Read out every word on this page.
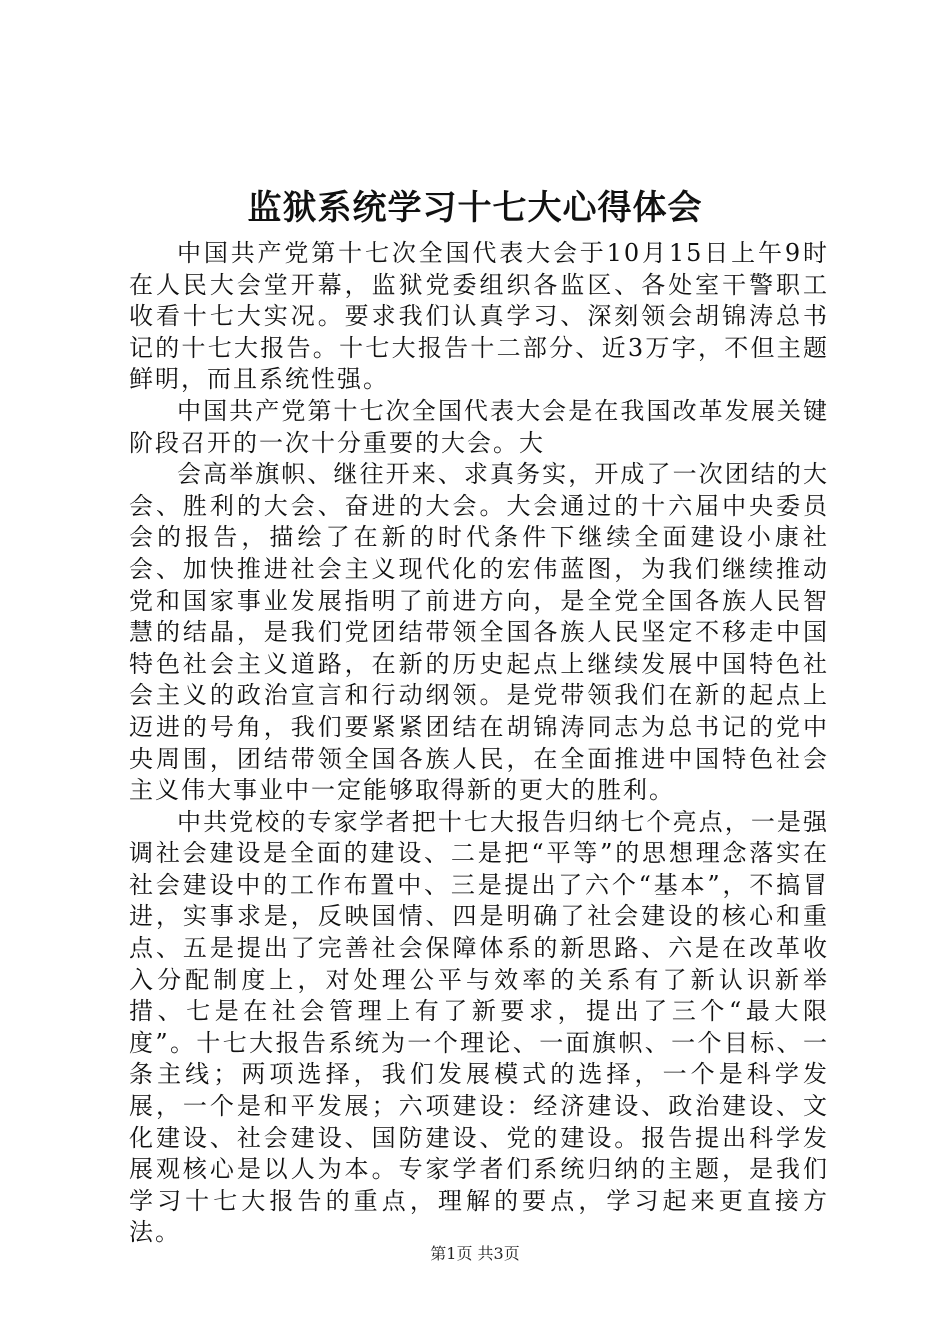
监狱系统学习十七大心得体会

中国共产党第十七次全国代表大会于10月15日上午9时在人民大会堂开幕，监狱党委组织各监区、各处室干警职工收看十七大实况。要求我们认真学习、深刻领会胡锦涛总书记的十七大报告。十七大报告十二部分、近3万字，不但主题鲜明，而且系统性强。

中国共产党第十七次全国代表大会是在我国改革发展关键阶段召开的一次十分重要的大会。大

会高举旗帜、继往开来、求真务实，开成了一次团结的大会、胜利的大会、奋进的大会。大会通过的十六届中央委员会的报告，描绘了在新的时代条件下继续全面建设小康社会、加快推进社会主义现代化的宏伟蓝图，为我们继续推动党和国家事业发展指明了前进方向，是全党全国各族人民智慧的结晶，是我们党团结带领全国各族人民坚定不移走中国特色社会主义道路，在新的历史起点上继续发展中国特色社会主义的政治宣言和行动纲领。是党带领我们在新的起点上迈进的号角，我们要紧紧团结在胡锦涛同志为总书记的党中央周围，团结带领全国各族人民，在全面推进中国特色社会主义伟大事业中一定能够取得新的更大的胜利。

中共党校的专家学者把十七大报告归纳七个亮点，一是强调社会建设是全面的建设、二是把“平等”的思想理念落实在社会建设中的工作布置中、三是提出了六个“基本”，不搞冒进，实事求是，反映国情、四是明确了社会建设的核心和重点、五是提出了完善社会保障体系的新思路、六是在改革收入分配制度上，对处理公平与效率的关系有了新认识新举措、七是在社会管理上有了新要求，提出了三个“最大限度”。十七大报告系统为一个理论、一面旗帜、一个目标、一条主线；两项选择，我们发展模式的选择，一个是科学发展，一个是和平发展；六项建设：经济建设、政治建设、文化建设、社会建设、国防建设、党的建设。报告提出科学发展观核心是以人为本。专家学者们系统归纳的主题，是我们学习十七大报告的重点，理解的要点，学习起来更直接方法。

第1页 共3页
